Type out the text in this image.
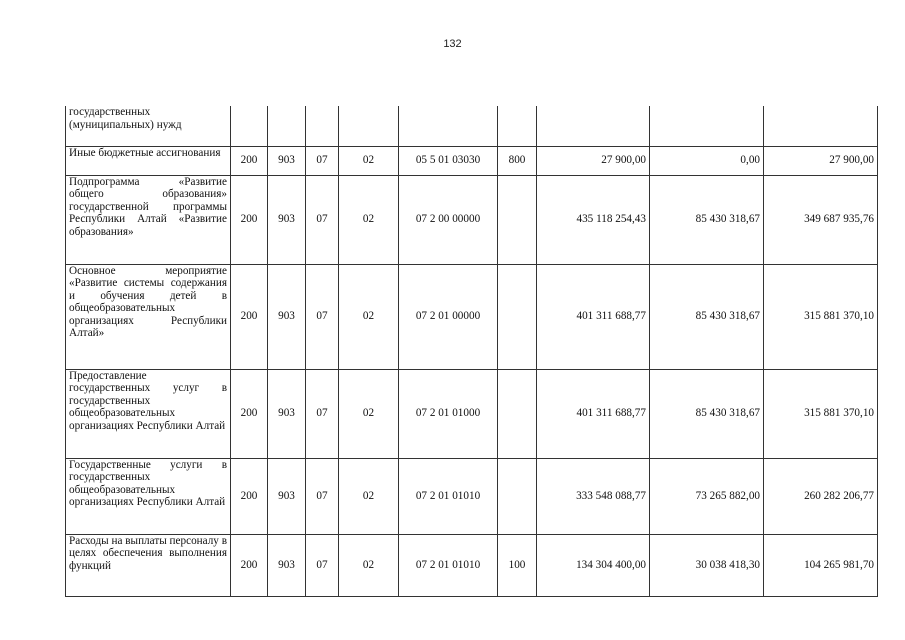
132
государственных (муниципальных) нужд									
Иные бюджетные ассигнования	200	903	07	02	05 5 01 03030	800	27 900,00	0,00	27 900,00
Подпрограмма «Развитие общего образования» государственной программы Республики Алтай «Развитие образования»	200	903	07	02	07 2 00 00000		435 118 254,43	85 430 318,67	349 687 935,76
Основное мероприятие «Развитие системы содержания и обучения детей в общеобразовательных организациях Республики Алтай»	200	903	07	02	07 2 01 00000		401 311 688,77	85 430 318,67	315 881 370,10
Предоставление государственных услуг в государственных общеобразовательных организациях Республики Алтай	200	903	07	02	07 2 01 01000		401 311 688,77	85 430 318,67	315 881 370,10
Государственные услуги в государственных общеобразовательных организациях Республики Алтай	200	903	07	02	07 2 01 01010		333 548 088,77	73 265 882,00	260 282 206,77
Расходы на выплаты персоналу в целях обеспечения выполнения функций	200	903	07	02	07 2 01 01010	100	134 304 400,00	30 038 418,30	104 265 981,70
